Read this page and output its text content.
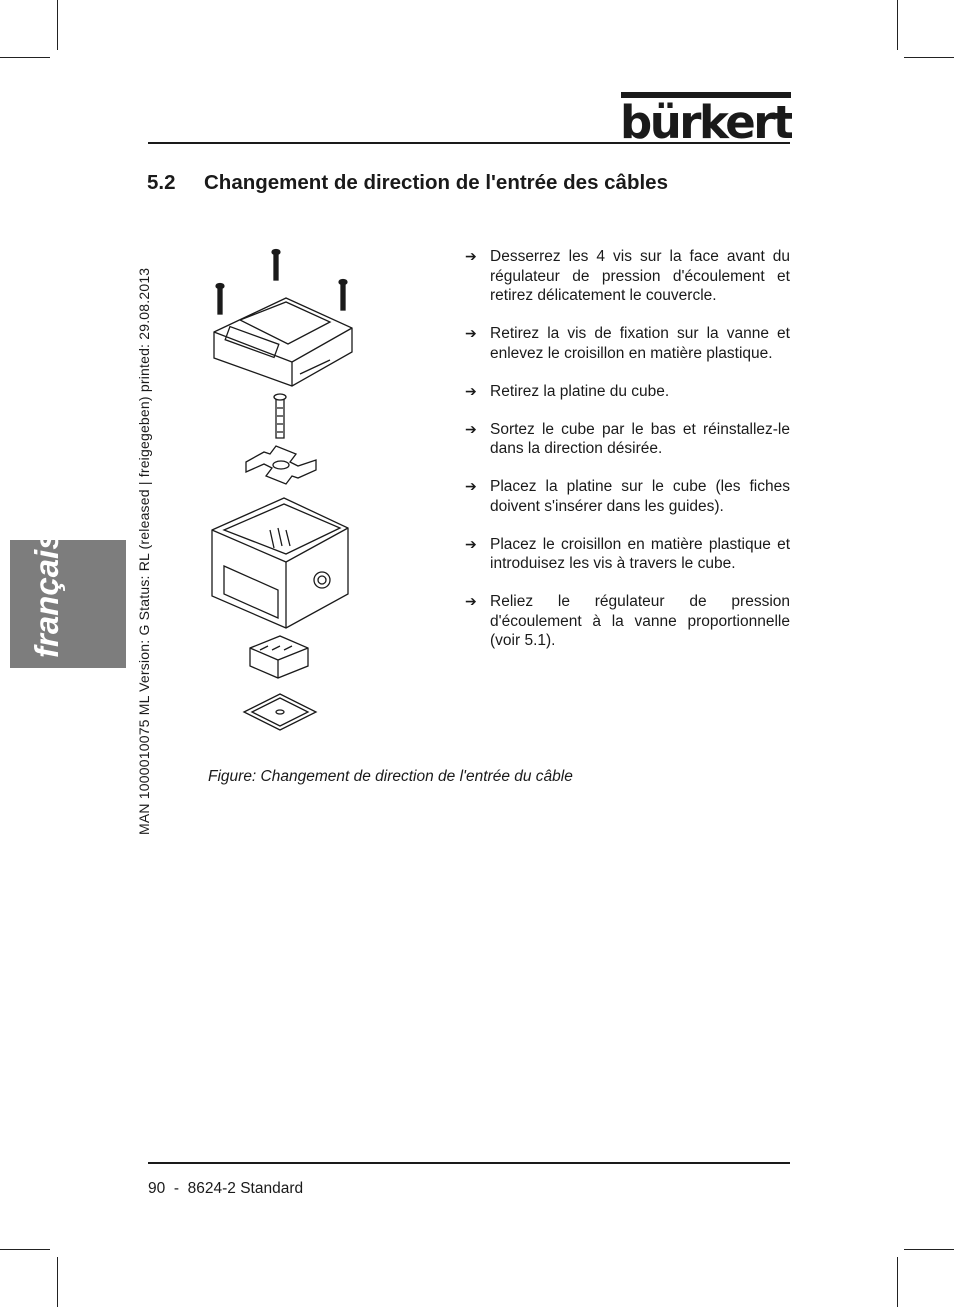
bürkert
5.2 Changement de direction de l'entrée des câbles
MAN 1000010075 ML Version: G Status: RL (released | freigegeben) printed: 29.08.2013
français
➔ Desserrez les 4 vis sur la face avant du régulateur de pression d'écoulement et retirez délicatement le couvercle.
➔ Retirez la vis de fixation sur la vanne et enlevez le croisillon en matière plastique.
➔ Retirez la platine du cube.
➔ Sortez le cube par le bas et réinstallez-le dans la direction désirée.
➔ Placez la platine sur le cube (les fiches doivent s'insérer dans les guides).
➔ Placez le croisillon en matière plastique et introduisez les vis à travers le cube.
➔ Reliez le régulateur de pression d'écoulement à la vanne proportionnelle (voir 5.1).
Figure: Changement de direction de l'entrée du câble
90  -  8624-2 Standard
